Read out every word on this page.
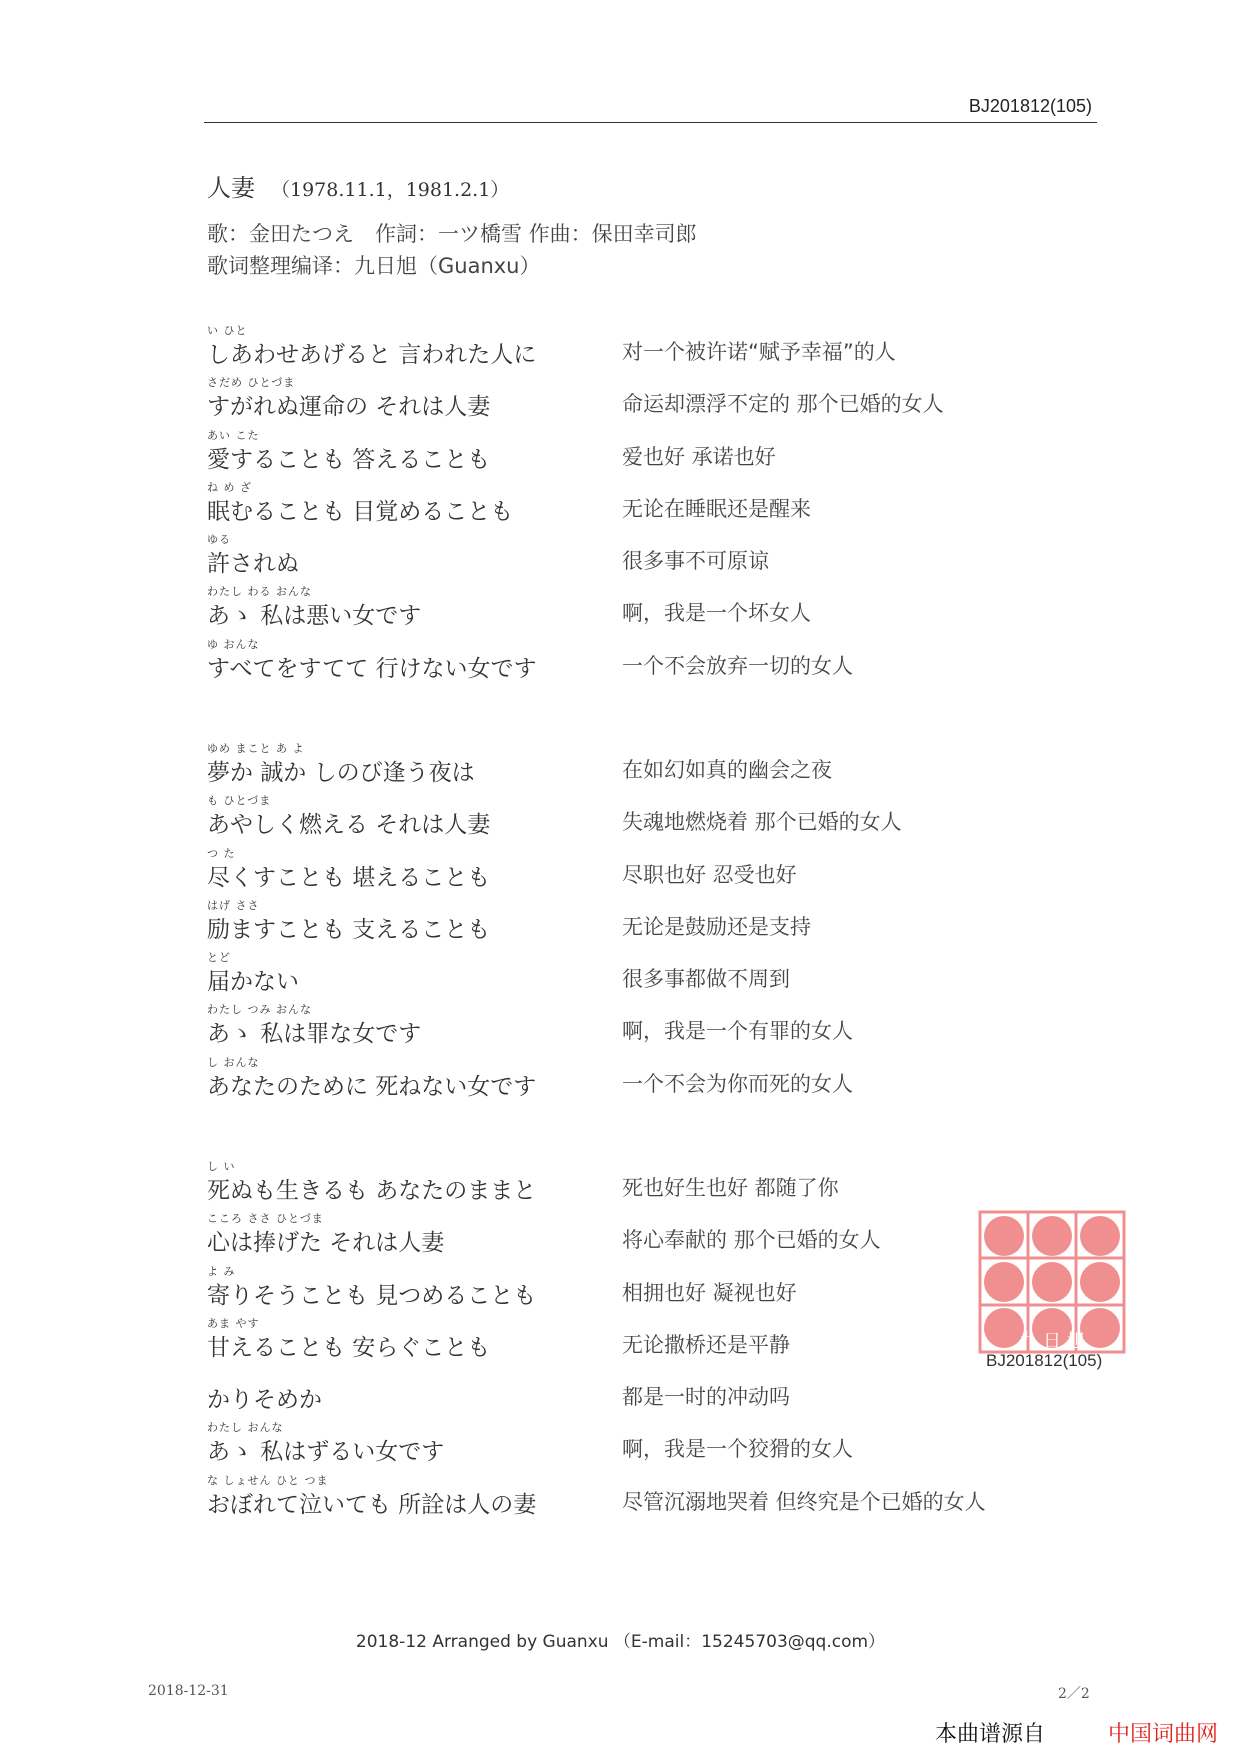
BJ201812(105)
人妻 （1978.11.1，1981.2.1）
歌：金田たつえ　作詞：一ツ橋雪 作曲：保田幸司郎
歌词整理编译：九日旭（Guanxu）
い ひと
しあわせあげると 言われた人に	对一个被许诺“赋予幸福”的人
さだめ ひとづま
すがれぬ運命の それは人妻	命运却漂浮不定的 那个已婚的女人
あい こた
愛することも 答えることも	爱也好 承诺也好
ね め ざ
眠むることも 目覚めることも	无论在睡眠还是醒来
ゆる
許されぬ	很多事不可原谅
わたし わる おんな
あゝ 私は悪い女です	啊，我是一个坏女人
ゆ おんな
すべてをすてて 行けない女です	一个不会放弃一切的女人
ゆめ まこと あ よ
夢か 誠か しのび逢う夜は	在如幻如真的幽会之夜
も ひとづま
あやしく燃える それは人妻	失魂地燃烧着 那个已婚的女人
つ た
尽くすことも 堪えることも	尽职也好 忍受也好
はげ ささ
励ますことも 支えることも	无论是鼓励还是支持
とど
届かない	很多事都做不周到
わたし つみ おんな
あゝ 私は罪な女です	啊，我是一个有罪的女人
し おんな
あなたのために 死ねない女です	一个不会为你而死的女人
し い
死ぬも生きるも あなたのままと	死也好生也好 都随了你
こころ ささ ひとづま
心は捧げた それは人妻	将心奉献的 那个已婚的女人
よ み
寄りそうことも 見つめることも	相拥也好 凝视也好
あま やす
甘えることも 安らぐことも	无论撒桥还是平静
かりそめか	都是一时的冲动吗
わたし おんな
あゝ 私はずるい女です	啊，我是一个狡猾的女人
な しょせん ひと つま
おぼれて泣いても 所詮は人の妻	尽管沉溺地哭着 但终究是个已婚的女人
九 日 旭
BJ201812(105)
2018-12 Arranged by Guanxu （E-mail：15245703@qq.com）
2018-12-31	2／2
本曲谱源自	中国词曲网
